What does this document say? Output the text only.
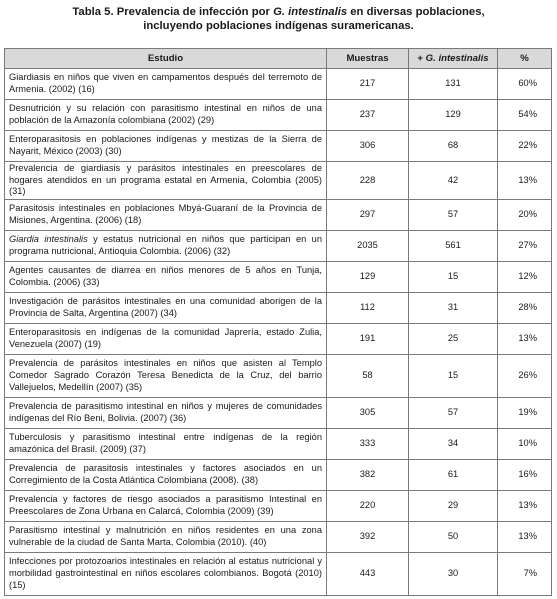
Tabla 5. Prevalencia de infección por G. intestinalis en diversas poblaciones,
incluyendo poblaciones indígenas suramericanas.
Estudio	Muestras	+ G. intestinalis	%
Giardiasis en niños que viven en campamentos después del terremoto de Armenia. (2002) (16)	217	131	60%
Desnutrición y su relación con parasitismo intestinal en niños de una población de la Amazonía colombiana (2002) (29)	237	129	54%
Enteroparasitosis en poblaciones indígenas y mestizas de la Sierra de Nayarit, México (2003) (30)	306	68	22%
Prevalencia de giardiasis y parásitos intestinales en preescolares de hogares atendidos en un programa estatal en Armenia, Colombia (2005) (31)	228	42	13%
Parasitosis intestinales en poblaciones Mbyá-Guaraní de la Provincia de Misiones, Argentina. (2006) (18)	297	57	20%
Giardia intestinalis y estatus nutricional en niños que participan en un programa nutricional, Antioquia Colombia. (2006) (32)	2035	561	27%
Agentes causantes de diarrea en niños menores de 5 años en Tunja, Colombia. (2006) (33)	129	15	12%
Investigación de parásitos intestinales en una comunidad aborigen de la Provincia de Salta, Argentina (2007) (34)	112	31	28%
Enteroparasitosis en indígenas de la comunidad Japrería, estado Zulia, Venezuela (2007) (19)	191	25	13%
Prevalencia de parásitos intestinales en niños que asisten al Templo Comedor Sagrado Corazón Teresa Benedicta de la Cruz, del barrio Vallejuelos, Medellín (2007) (35)	58	15	26%
Prevalencia de parasitismo intestinal en niños y mujeres de comunidades indígenas del Río Beni, Bolivia. (2007) (36)	305	57	19%
Tuberculosis y parasitismo intestinal entre indígenas de la región amazónica del Brasil. (2009) (37)	333	34	10%
Prevalencia de parasitosis intestinales y factores asociados en un Corregimiento de la Costa Atlántica Colombiana (2008). (38)	382	61	16%
Prevalencia y factores de riesgo asociados a parasitismo Intestinal en Preescolares de Zona Urbana en Calarcá, Colombia (2009) (39)	220	29	13%
Parasitismo intestinal y malnutrición en niños residentes en una zona vulnerable de la ciudad de Santa Marta, Colombia (2010). (40)	392	50	13%
Infecciones por protozoarios intestinales en relación al estatus nutricional y morbilidad gastrointestinal en niños escolares colombianos. Bogotá (2010) (15)	443	30	7%
